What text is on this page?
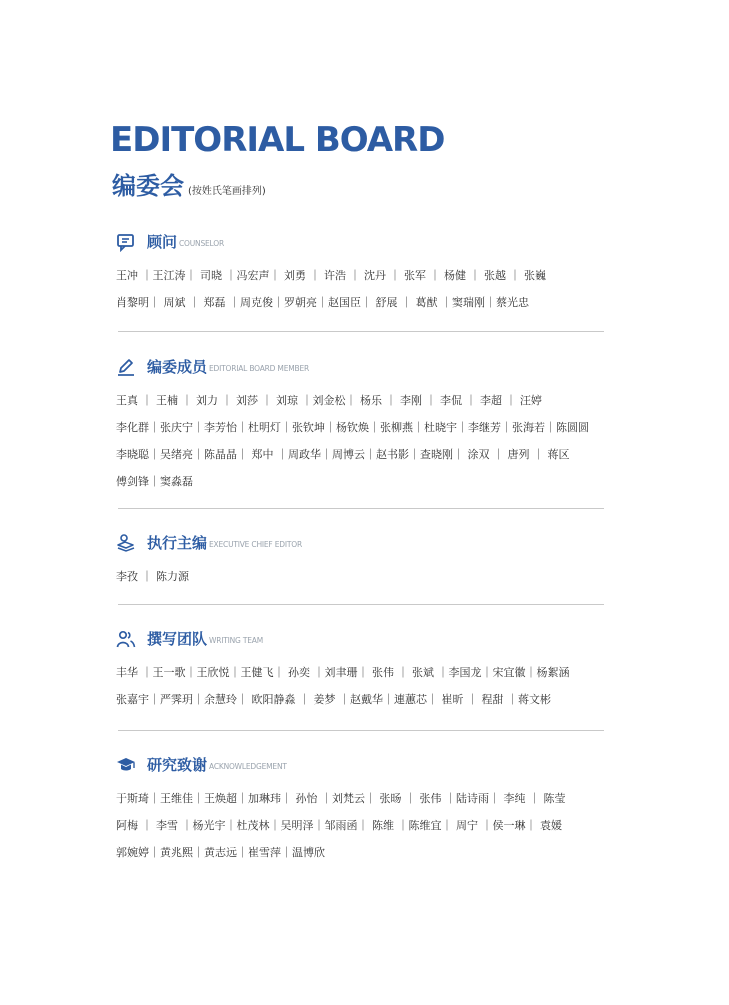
EDITORIAL BOARD
编委会 (按姓氏笔画排列)
顾问 COUNSELOR
王冲 ｜王江涛｜ 司晓 ｜冯宏声｜ 刘勇 ｜ 许浩 ｜ 沈丹 ｜ 张军 ｜ 杨健 ｜ 张越 ｜ 张巍
肖黎明｜ 周斌 ｜ 郑磊 ｜周克俊｜罗朝亮｜赵国臣｜ 舒展 ｜ 葛猷 ｜窦瑞刚｜蔡光忠
编委成员 EDITORIAL BOARD MEMBER
王真 ｜ 王楠 ｜ 刘力 ｜ 刘莎 ｜ 刘琼 ｜刘金松｜ 杨乐 ｜ 李刚 ｜ 李侃 ｜ 李超 ｜ 汪婷
李化群｜张庆宁｜李芳怡｜杜明灯｜张钦坤｜杨钦焕｜张柳燕｜杜晓宇｜李继芳｜张海若｜陈圆圆
李晓聪｜吴绪亮｜陈晶晶｜ 郑中 ｜周政华｜周博云｜赵书影｜查晓刚｜ 涂双 ｜ 唐列 ｜ 蒋区
傅剑锋｜窦淼磊
执行主编 EXECUTIVE CHIEF EDITOR
李孜 ｜ 陈力源
撰写团队 WRITING TEAM
丰华 ｜王一歌｜王欣悦｜王健飞｜ 孙奕 ｜刘聿珊｜ 张伟 ｜ 张斌 ｜李国龙｜宋宜徽｜杨絮涵
张嘉宇｜严霁玥｜余慧玲｜ 欧阳静淼 ｜ 姜梦 ｜赵戴华｜連蕙芯｜ 崔昕 ｜ 程甜 ｜蒋文彬
研究致谢 ACKNOWLEDGEMENT
于斯琦｜王维佳｜王焕超｜加琳玮｜ 孙怡 ｜刘梵云｜ 张旸 ｜ 张伟 ｜陆诗雨｜ 李纯 ｜ 陈莹
阿梅 ｜ 李雪 ｜杨光宇｜杜茂林｜吴明泽｜邹雨函｜ 陈维 ｜陈维宜｜ 周宁 ｜侯一琳｜ 袁媛
郭婉婷｜黄兆熙｜黄志远｜崔雪萍｜温博欣
